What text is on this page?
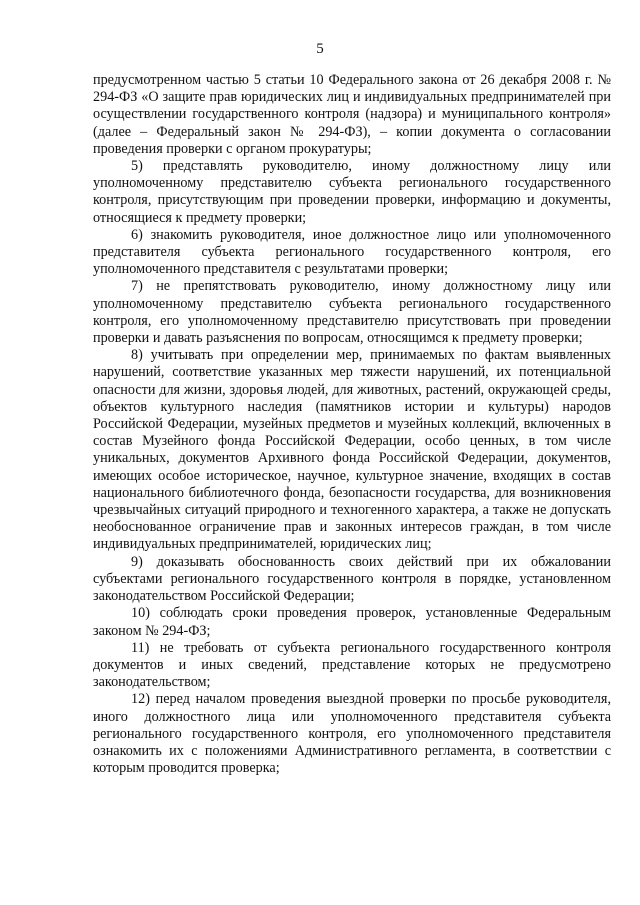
5

предусмотренном частью 5 статьи 10 Федерального закона от 26 декабря 2008 г. № 294-ФЗ «О защите прав юридических лиц и индивидуальных предпринимателей при осуществлении государственного контроля (надзора) и муниципального контроля» (далее – Федеральный закон № 294-ФЗ), – копии документа о согласовании проведения проверки с органом прокуратуры;

5) представлять руководителю, иному должностному лицу или уполномоченному представителю субъекта регионального государственного контроля, присутствующим при проведении проверки, информацию и документы, относящиеся к предмету проверки;

6) знакомить руководителя, иное должностное лицо или уполномоченного представителя субъекта регионального государственного контроля, его уполномоченного представителя с результатами проверки;

7) не препятствовать руководителю, иному должностному лицу или уполномоченному представителю субъекта регионального государственного контроля, его уполномоченному представителю присутствовать при проведении проверки и давать разъяснения по вопросам, относящимся к предмету проверки;

8) учитывать при определении мер, принимаемых по фактам выявленных нарушений, соответствие указанных мер тяжести нарушений, их потенциальной опасности для жизни, здоровья людей, для животных, растений, окружающей среды, объектов культурного наследия (памятников истории и культуры) народов Российской Федерации, музейных предметов и музейных коллекций, включенных в состав Музейного фонда Российской Федерации, особо ценных, в том числе уникальных, документов Архивного фонда Российской Федерации, документов, имеющих особое историческое, научное, культурное значение, входящих в состав национального библиотечного фонда, безопасности государства, для возникновения чрезвычайных ситуаций природного и техногенного характера, а также не допускать необоснованное ограничение прав и законных интересов граждан, в том числе индивидуальных предпринимателей, юридических лиц;

9) доказывать обоснованность своих действий при их обжаловании субъектами регионального государственного контроля в порядке, установленном законодательством Российской Федерации;

10) соблюдать сроки проведения проверок, установленные Федеральным законом № 294-ФЗ;

11) не требовать от субъекта регионального государственного контроля документов и иных сведений, представление которых не предусмотрено законодательством;

12) перед началом проведения выездной проверки по просьбе руководителя, иного должностного лица или уполномоченного представителя субъекта регионального государственного контроля, его уполномоченного представителя ознакомить их с положениями Административного регламента, в соответствии с которым проводится проверка;
